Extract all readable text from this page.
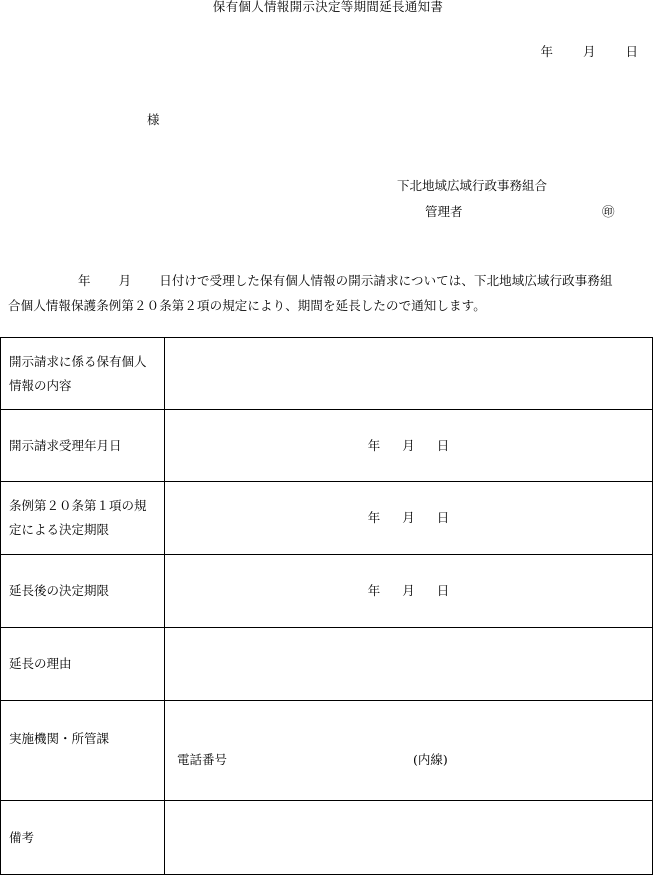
保有個人情報開示決定等期間延長通知書
年 月 日
様
下北地域広域行政事務組合
管理者	㊞
年 月 日付けで受理した保有個人情報の開示請求については、下北地域広域行政事務組
合個人情報保護条例第２０条第２項の規定により、期間を延長したので通知します。
開示請求に係る保有個人情報の内容	
開示請求受理年月日	年 月 日
条例第２０条第１項の規定による決定期限	年 月 日
延長後の決定期限	年 月 日
延長の理由	
実施機関・所管課	電話番号 (内線)

備考	
